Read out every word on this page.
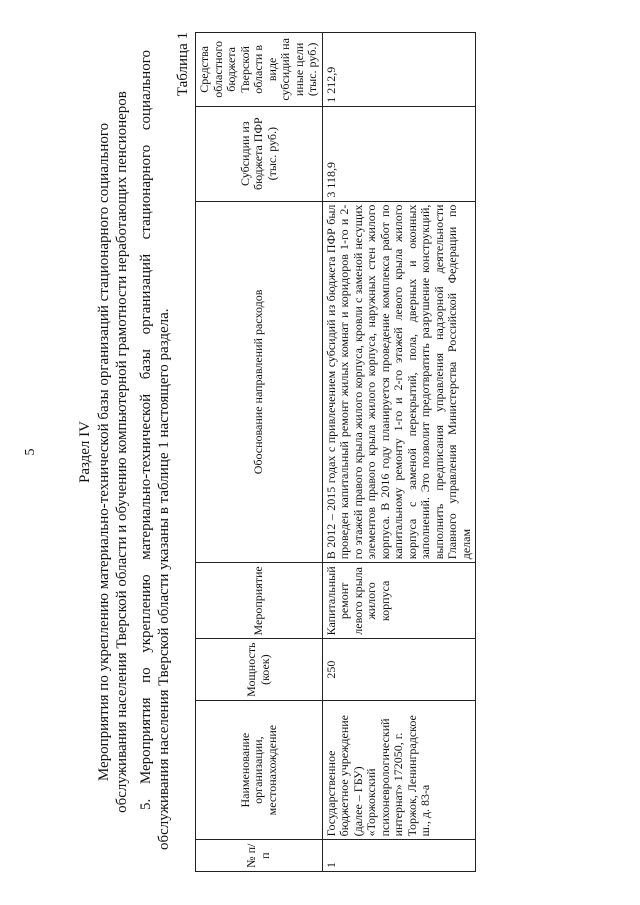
5	Раздел IV Мероприятия по укреплению материально-технической базы организаций стационарного социального обслуживания населения Тверской области и обучению компьютерной грамотности неработающих пенсионеров 5. Мероприятия по укреплению материально-технической базы организаций стационарного социального обслуживания населения Тверской области указаны в таблице 1 настоящего раздела.
Таблица 1
№ п/п	Наименование организации, местонахождение	Мощность (коек)	Мероприятие	Обоснование направлений расходов	Субсидии из бюджета ПФР (тыс. руб.)	Средства областного бюджета Тверской области в виде субсидий на иные цели (тыс. руб.)
1	Государственное бюджетное учреждение (далее – ГБУ) «Торжокский психоневрологический интернат» 172050, г. Торжок, Ленинградское ш., д. 83-а	250	Капитальный ремонт левого крыла жилого корпуса	В 2012 – 2015 годах с привлечением субсидий из бюджета ПФР был проведен капитальный ремонт жилых комнат и коридоров 1-го и 2-го этажей правого крыла жилого корпуса, кровли с заменой несущих элементов правого крыла жилого корпуса, наружных стен жилого корпуса. В 2016 году планируется проведение комплекса работ по капитальному ремонту 1-го и 2-го этажей левого крыла жилого корпуса с заменой перекрытий, пола, дверных и оконных заполнений. Это позволит предотвратить разрушение конструкций, выполнить предписания управления надзорной деятельности Главного управления Министерства Российской Федерации по делам	3 118,9	1 212,9
